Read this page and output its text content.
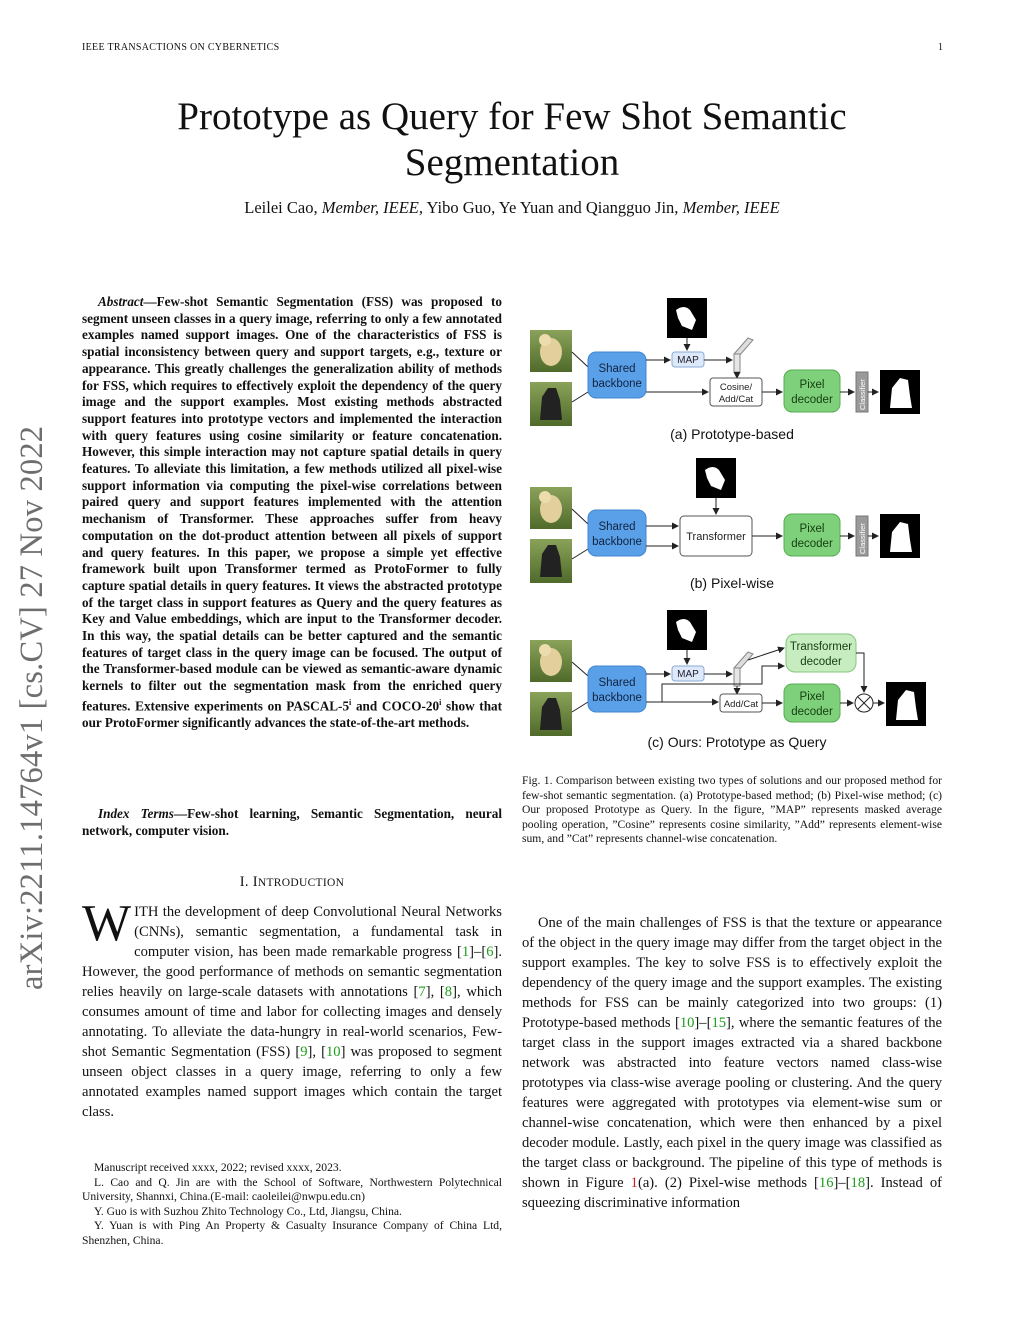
IEEE TRANSACTIONS ON CYBERNETICS	1
Prototype as Query for Few Shot Semantic
Segmentation
Leilei Cao, Member, IEEE, Yibo Guo, Ye Yuan and Qiangguo Jin, Member, IEEE
arXiv:2211.14764v1 [cs.CV] 27 Nov 2022
Abstract—Few-shot Semantic Segmentation (FSS) was proposed to segment unseen classes in a query image, referring to only a few annotated examples named support images. One of the characteristics of FSS is spatial inconsistency between query and support targets, e.g., texture or appearance. This greatly challenges the generalization ability of methods for FSS, which requires to effectively exploit the dependency of the query image and the support examples. Most existing methods abstracted support features into prototype vectors and implemented the interaction with query features using cosine similarity or feature concatenation. However, this simple interaction may not capture spatial details in query features. To alleviate this limitation, a few methods utilized all pixel-wise support information via computing the pixel-wise correlations between paired query and support features implemented with the attention mechanism of Transformer. These approaches suffer from heavy computation on the dot-product attention between all pixels of support and query features. In this paper, we propose a simple yet effective framework built upon Transformer termed as ProtoFormer to fully capture spatial details in query features. It views the abstracted prototype of the target class in support features as Query and the query features as Key and Value embeddings, which are input to the Transformer decoder. In this way, the spatial details can be better captured and the semantic features of target class in the query image can be focused. The output of the Transformer-based module can be viewed as semantic-aware dynamic kernels to filter out the segmentation mask from the enriched query features. Extensive experiments on PASCAL-5$^i$ and COCO-20$^i$ show that our ProtoFormer significantly advances the state-of-the-art methods.
Index Terms—Few-shot learning, Semantic Segmentation, neural network, computer vision.
I. INTRODUCTION
WITH the development of deep Convolutional Neural Networks (CNNs), semantic segmentation, a fundamental task in computer vision, has been made remarkable progress [1]–[6]. However, the good performance of methods on semantic segmentation relies heavily on large-scale datasets with annotations [7], [8], which consumes amount of time and labor for collecting images and densely annotating. To alleviate the data-hungry in real-world scenarios, Few-shot Semantic Segmentation (FSS) [9], [10] was proposed to segment unseen object classes in a query image, referring to only a few annotated examples named support images which contain the target class.

Manuscript received xxxx, 2022; revised xxxx, 2023.

L. Cao and Q. Jin are with the School of Software, Northwestern Polytechnical University, Shannxi, China.(E-mail: caoleilei@nwpu.edu.cn)

Y. Guo is with Suzhou Zhito Technology Co., Ltd, Jiangsu, China.

Y. Yuan is with Ping An Property & Casualty Insurance Company of China Ltd, Shenzhen, China.

Shared
backbone
MAP
Cosine/
Add/Cat
Pixel
decoder	Classifier
(a) Prototype-based
Shared
backbone	Transformer
Pixel
decoder	Classifier
(b) Pixel-wise
Shared
backbone
MAP
Add/Cat
Transformer
decoder
Pixel
decoder
(c) Ours: Prototype as Query
Fig. 1. Comparison between existing two types of solutions and our proposed method for few-shot semantic segmentation. (a) Prototype-based method; (b) Pixel-wise method; (c) Our proposed Prototype as Query. In the figure, ”MAP” represents masked average pooling operation, ”Cosine” represents cosine similarity, ”Add” represents element-wise sum, and ”Cat” represents channel-wise concatenation.
One of the main challenges of FSS is that the texture or appearance of the object in the query image may differ from the target object in the support examples. The key to solve FSS is to effectively exploit the dependency of the query image and the support examples. The existing methods for FSS can be mainly categorized into two groups: (1) Prototype-based methods [10]–[15], where the semantic features of the target class in the support images extracted via a shared backbone network was abstracted into feature vectors named class-wise prototypes via class-wise average pooling or clustering. And the query features were aggregated with prototypes via element-wise sum or channel-wise concatenation, which were then enhanced by a pixel decoder module. Lastly, each pixel in the query image was classified as the target class or background. The pipeline of this type of methods is shown in Figure 1(a). (2) Pixel-wise methods [16]–[18]. Instead of squeezing discriminative information
